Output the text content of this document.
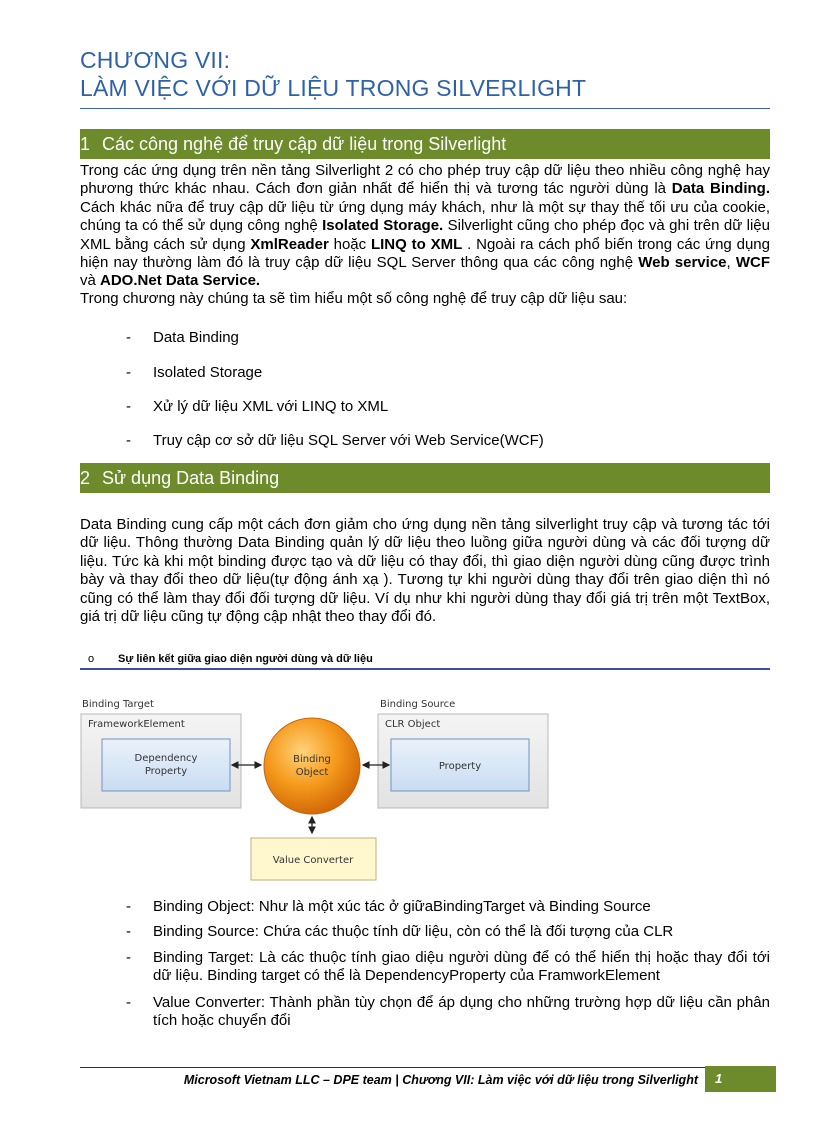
CHƯƠNG VII:
LÀM VIỆC VỚI DỮ LIỆU TRONG SILVERLIGHT
1 Các công nghệ để truy cập dữ liệu trong Silverlight
Trong các ứng dụng trên nền tảng Silverlight 2 có cho phép truy cập dữ liệu theo nhiều công nghệ hay phương thức khác nhau. Cách đơn giản nhất để hiển thị và tương tác người dùng là Data Binding. Cách khác nữa để truy cập dữ liệu từ ứng dụng máy khách, như là một sự thay thế tối ưu của cookie, chúng ta có thể sử dụng công nghệ Isolated Storage. Silverlight cũng cho phép đọc và ghi trên dữ liệu XML bằng cách sử dụng XmlReader hoặc LINQ to XML . Ngoài ra cách phổ biến trong các ứng dụng hiện nay thường làm đó là truy cập dữ liệu SQL Server thông qua các công nghệ Web service, WCF và ADO.Net Data Service.
Trong chương này chúng ta sẽ tìm hiểu một số công nghệ để truy cập dữ liệu sau:
- Data Binding
- Isolated Storage
- Xử lý dữ liệu XML với LINQ to XML
- Truy cập cơ sở dữ liệu SQL Server với Web Service(WCF)
2 Sử dụng Data Binding
Data Binding cung cấp một cách đơn giảm cho ứng dụng nền tảng silverlight truy cập và tương tác tới dữ liệu. Thông thường Data Binding quản lý dữ liệu theo luồng giữa người dùng và các đối tượng dữ liệu. Tức kà khi một binding được tạo và dữ liệu có thay đổi, thì giao diện người dùng cũng được trình bày và thay đổi theo dữ liệu(tự động ánh xạ ). Tương tự khi người dùng thay đổi trên giao diện thì nó cũng có thể làm thay đổi đối tượng dữ liệu. Ví dụ như khi người dùng thay đổi giá trị trên một TextBox, giá trị dữ liệu cũng tự động cập nhật theo thay đổi đó.
o Sự liên kết giữa giao diện người dùng và dữ liệu
Binding Target
FrameworkElement
Dependency
Property
Binding
Object
Binding Source
CLR Object
Property
Value Converter
- Binding Object: Như là một xúc tác ở giữaBindingTarget và Binding Source
- Binding Source: Chứa các thuộc tính dữ liệu, còn có thể là đối tượng của CLR
- Binding Target: Là các thuộc tính giao diệu người dùng để có thể hiển thị hoặc thay đổi tới dữ liệu. Binding target có thể là DependencyProperty của FramworkElement
- Value Converter: Thành phần tùy chọn để áp dụng cho những trường hợp dữ liệu cần phân tích hoặc chuyển đổi
Microsoft Vietnam LLC – DPE team | Chương VII: Làm việc với dữ liệu trong Silverlight	1
